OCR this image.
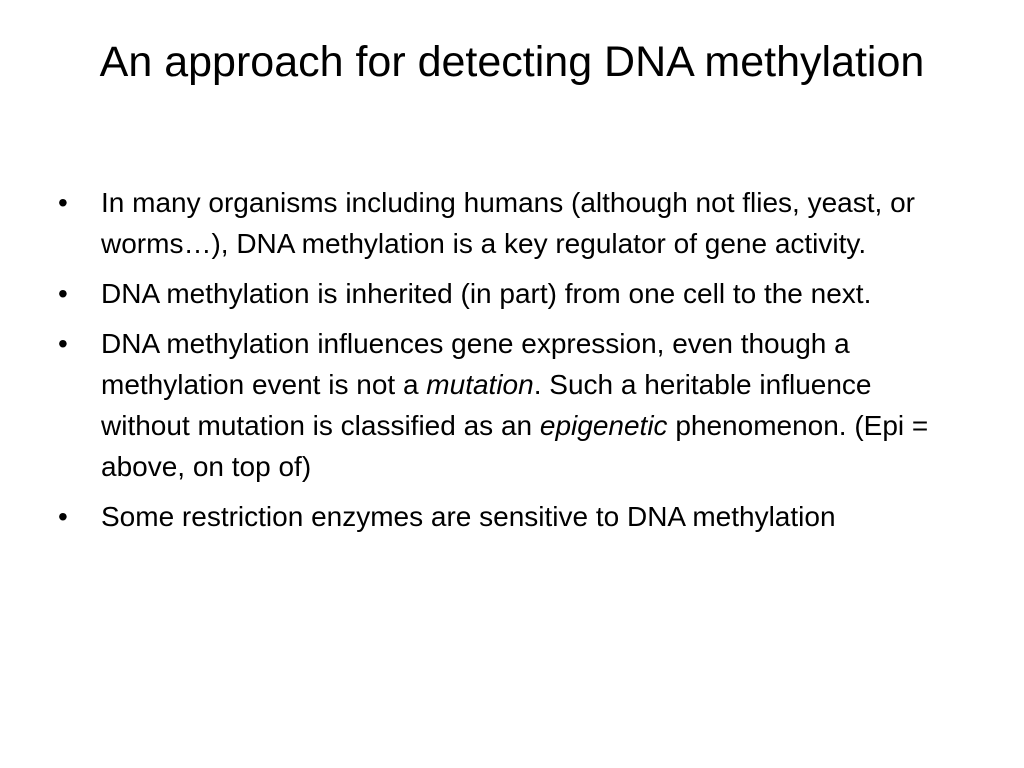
An approach for detecting DNA methylation
•	In many organisms including humans (although not flies, yeast, or worms…), DNA methylation is a key regulator of gene activity.
•	DNA methylation is inherited (in part) from one cell to the next.
•	DNA methylation influences gene expression, even though a methylation event is not a mutation. Such a heritable influence without mutation is classified as an epigenetic phenomenon. (Epi = above, on top of)
•	Some restriction enzymes are sensitive to DNA methylation
